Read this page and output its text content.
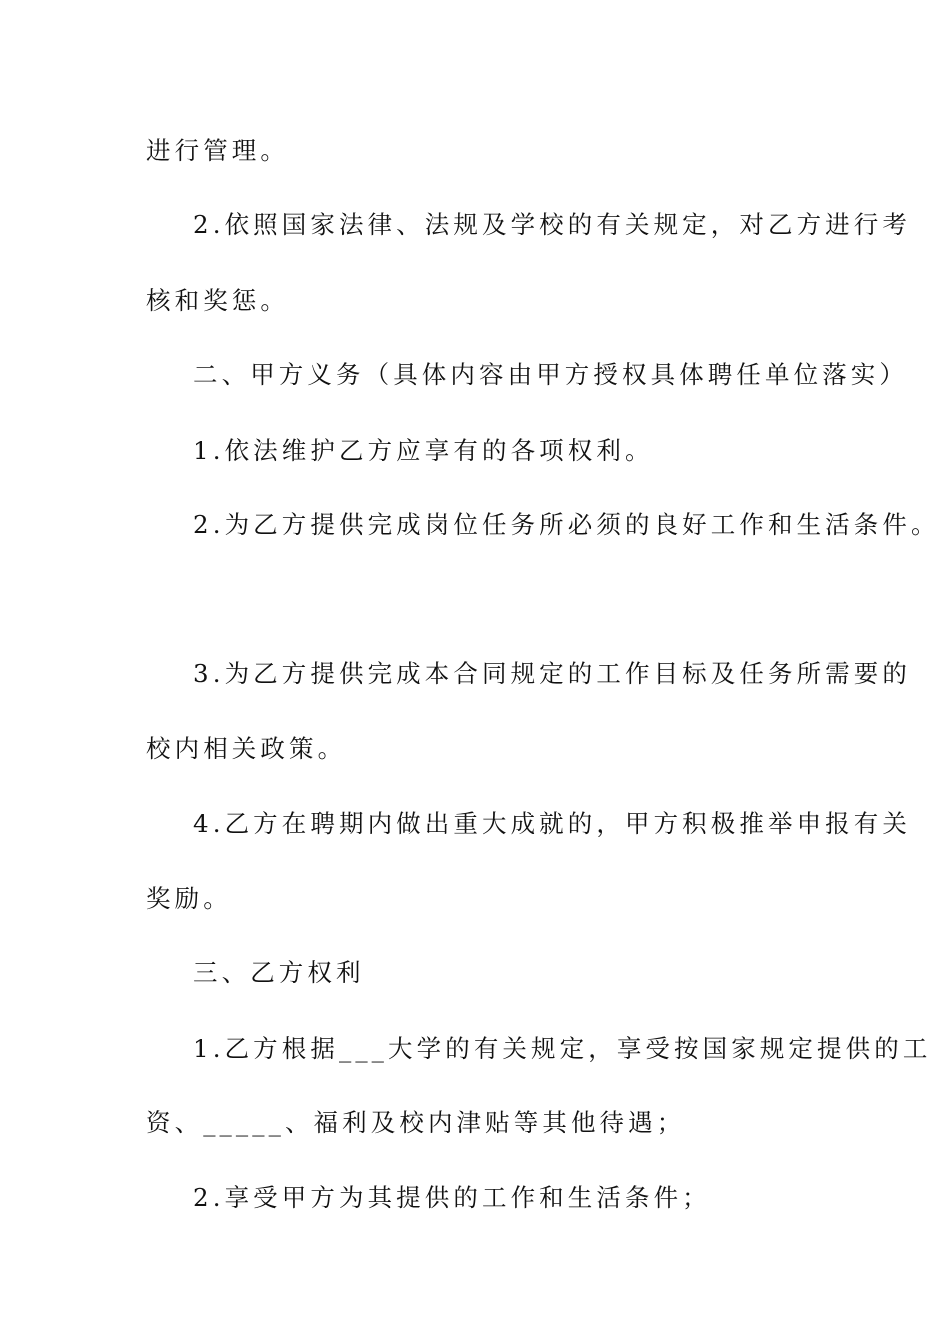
进行管理。

2.依照国家法律、法规及学校的有关规定，对乙方进行考

核和奖惩。

二、甲方义务（具体内容由甲方授权具体聘任单位落实）

1.依法维护乙方应享有的各项权利。

2.为乙方提供完成岗位任务所必须的良好工作和生活条件。

3.为乙方提供完成本合同规定的工作目标及任务所需要的

校内相关政策。

4.乙方在聘期内做出重大成就的，甲方积极推举申报有关

奖励。

三、乙方权利

1.乙方根据___大学的有关规定，享受按国家规定提供的工

资、_____、福利及校内津贴等其他待遇；

2.享受甲方为其提供的工作和生活条件；
